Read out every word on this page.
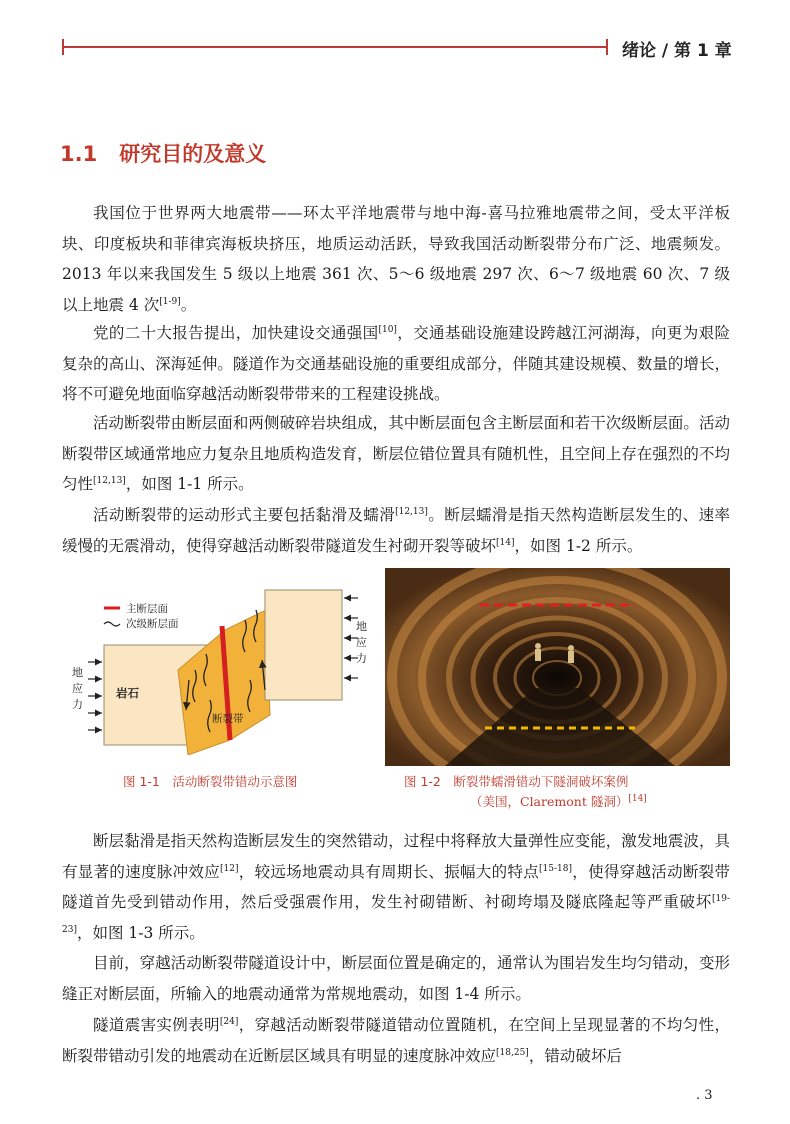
绪论 / 第 1 章
1.1 研究目的及意义

我国位于世界两大地震带——环太平洋地震带与地中海-喜马拉雅地震带之间，受太平洋板块、印度板块和菲律宾海板块挤压，地质运动活跃，导致我国活动断裂带分布广泛、地震频发。2013 年以来我国发生 5 级以上地震 361 次、5～6 级地震 297 次、6～7 级地震 60 次、7 级以上地震 4 次[1-9]。

党的二十大报告提出，加快建设交通强国[10]，交通基础设施建设跨越江河湖海，向更为艰险复杂的高山、深海延伸。隧道作为交通基础设施的重要组成部分，伴随其建设规模、数量的增长，将不可避免地面临穿越活动断裂带带来的工程建设挑战。

活动断裂带由断层面和两侧破碎岩块组成，其中断层面包含主断层面和若干次级断层面。活动断裂带区域通常地应力复杂且地质构造发育，断层位错位置具有随机性，且空间上存在强烈的不均匀性[12,13]，如图 1-1 所示。

活动断裂带的运动形式主要包括黏滑及蠕滑[12,13]。断层蠕滑是指天然构造断层发生的、速率缓慢的无震滑动，使得穿越活动断裂带隧道发生衬砌开裂等破坏[14]，如图 1-2 所示。

主断层面
次级断层面
岩石
断裂带
地
应
力
地
应
力
图 1-1　活动断裂带错动示意图	图 1-2　断裂带蠕滑错动下隧洞破坏案例
（美国，Claremont 隧洞）[14]

断层黏滑是指天然构造断层发生的突然错动，过程中将释放大量弹性应变能，激发地震波，具有显著的速度脉冲效应[12]，较远场地震动具有周期长、振幅大的特点[15-18]，使得穿越活动断裂带隧道首先受到错动作用，然后受强震作用，发生衬砌错断、衬砌垮塌及隧底隆起等严重破坏[19-23]，如图 1-3 所示。

目前，穿越活动断裂带隧道设计中，断层面位置是确定的，通常认为围岩发生均匀错动，变形缝正对断层面，所输入的地震动通常为常规地震动，如图 1-4 所示。

隧道震害实例表明[24]，穿越活动断裂带隧道错动位置随机，在空间上呈现显著的不均匀性，断裂带错动引发的地震动在近断层区域具有明显的速度脉冲效应[18,25]，错动破坏后

. 3
